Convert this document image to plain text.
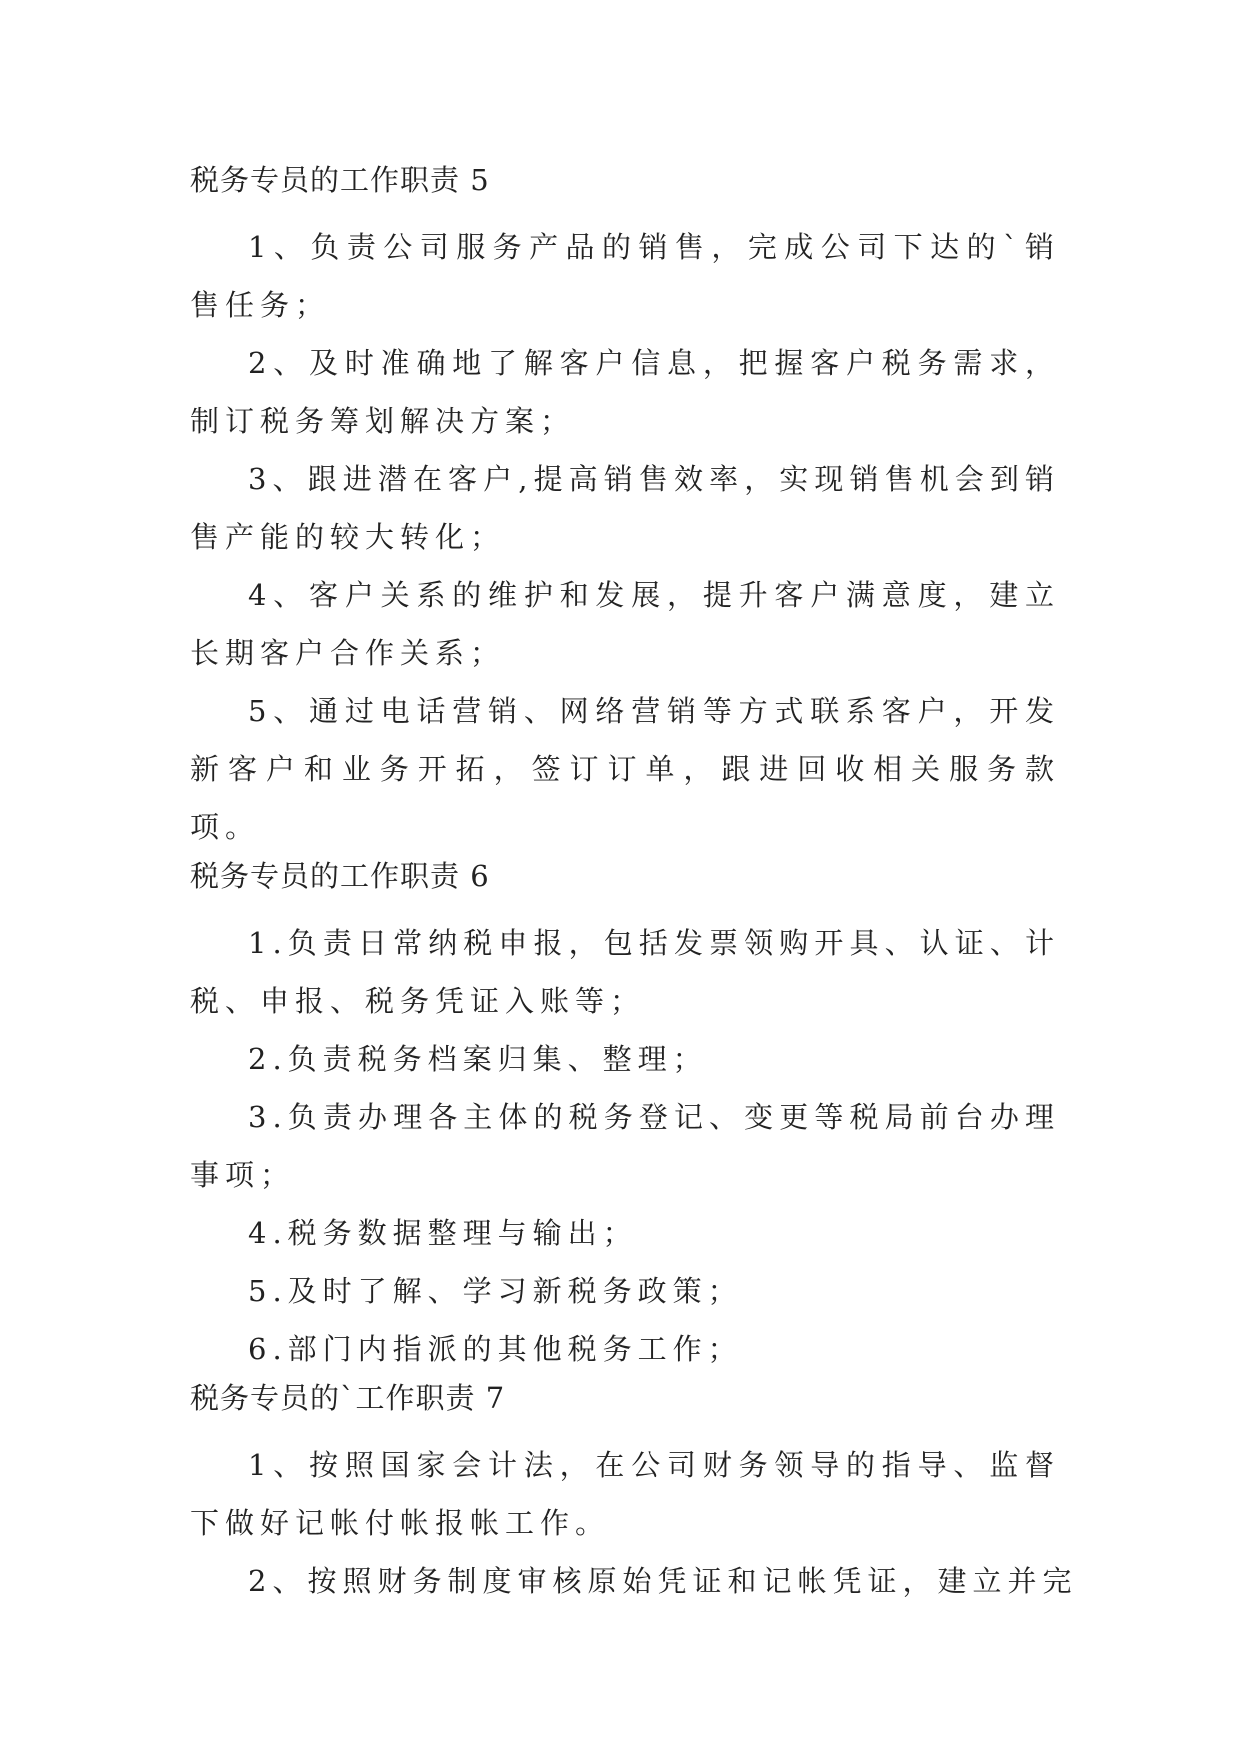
税务专员的工作职责 5

1、负责公司服务产品的销售，完成公司下达的`销售任务；

2、及时准确地了解客户信息，把握客户税务需求，制订税务筹划解决方案；

3、跟进潜在客户,提高销售效率，实现销售机会到销售产能的较大转化；

4、客户关系的维护和发展，提升客户满意度，建立长期客户合作关系；

5、通过电话营销、网络营销等方式联系客户，开发新客户和业务开拓，签订订单，跟进回收相关服务款项。

税务专员的工作职责 6

1.负责日常纳税申报，包括发票领购开具、认证、计税、申报、税务凭证入账等；

2.负责税务档案归集、整理；

3.负责办理各主体的税务登记、变更等税局前台办理事项；

4.税务数据整理与输出；

5.及时了解、学习新税务政策；

6.部门内指派的其他税务工作；

税务专员的`工作职责 7

1、按照国家会计法，在公司财务领导的指导、监督下做好记帐付帐报帐工作。

2、按照财务制度审核原始凭证和记帐凭证，建立并完
